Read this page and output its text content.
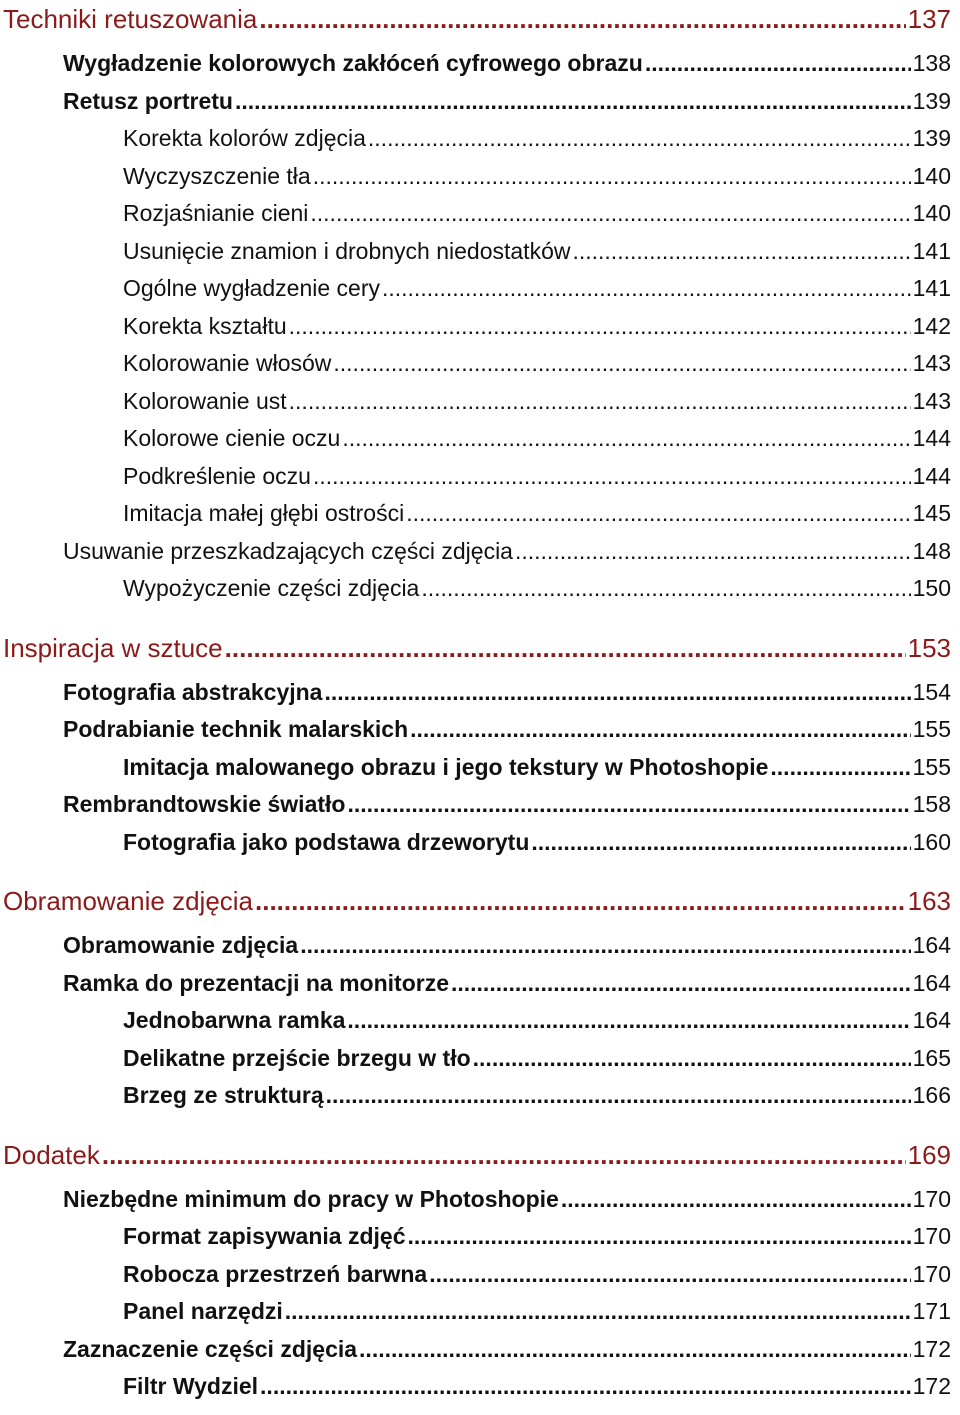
Techniki retuszowania .....	137
Wygładzenie kolorowych zakłóceń cyfrowego obrazu .....	138
Retusz portretu .....	139
Korekta kolorów zdjęcia .....	139
Wyczyszczenie tła .....	140
Rozjaśnianie cieni .....	140
Usunięcie znamion i drobnych niedostatków .....	141
Ogólne wygładzenie cery .....	141
Korekta kształtu .....	142
Kolorowanie włosów .....	143
Kolorowanie ust .....	143
Kolorowe cienie oczu .....	144
Podkreślenie oczu .....	144
Imitacja małej głębi ostrości .....	145
Usuwanie przeszkadzających części zdjęcia .....	148
Wypożyczenie części zdjęcia .....	150
Inspiracja w sztuce .....	153
Fotografia abstrakcyjna .....	154
Podrabianie technik malarskich .....	155
Imitacja malowanego obrazu i jego tekstury w Photoshopie .....	155
Rembrandtowskie światło .....	158
Fotografia jako podstawa drzeworytu .....	160
Obramowanie zdjęcia .....	163
Obramowanie zdjęcia .....	164
Ramka do prezentacji na monitorze .....	164
Jednobarwna ramka .....	164
Delikatne przejście brzegu w tło .....	165
Brzeg ze strukturą .....	166
Dodatek .....	169
Niezbędne minimum do pracy w Photoshopie .....	170
Format zapisywania zdjęć .....	170
Robocza przestrzeń barwna .....	170
Panel narzędzi .....	171
Zaznaczenie części zdjęcia .....	172
Filtr Wydziel .....	172
